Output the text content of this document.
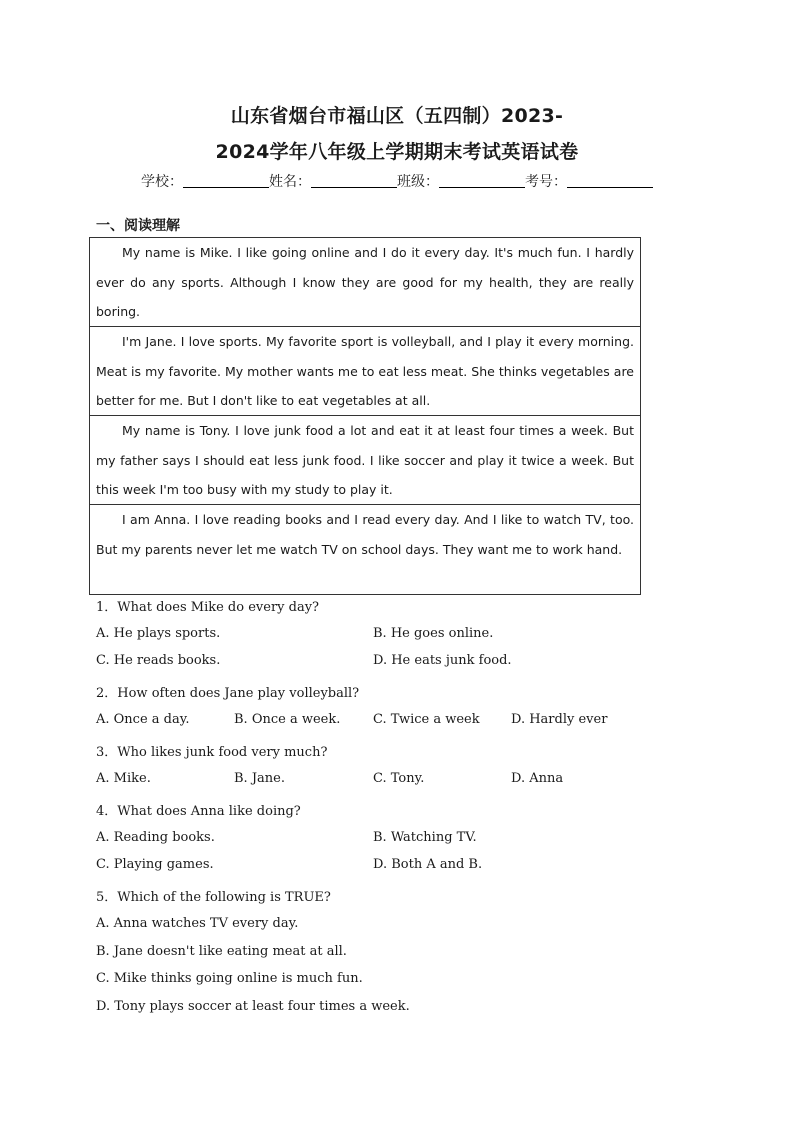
山东省烟台市福山区（五四制）2023-
2024学年八年级上学期期末考试英语试卷
学校：	姓名：	班级：	考号：
一、阅读理解
My name is Mike. I like going online and I do it every day. It's much fun. I hardly ever do any sports. Although I know they are good for my health, they are really boring.
I'm Jane. I love sports. My favorite sport is volleyball, and I play it every morning. Meat is my favorite. My mother wants me to eat less meat. She thinks vegetables are better for me. But I don't like to eat vegetables at all.
My name is Tony. I love junk food a lot and eat it at least four times a week. But my father says I should eat less junk food. I like soccer and play it twice a week. But this week I'm too busy with my study to play it.
I am Anna. I love reading books and I read every day. And I like to watch TV, too. But my parents never let me watch TV on school days. They want me to work hand.
1．What does Mike do every day?
A. He plays sports.	B. He goes online.
C. He reads books.	D. He eats junk food.
2．How often does Jane play volleyball?
A. Once a day.	B. Once a week.	C. Twice a week D. Hardly ever
3．Who likes junk food very much?
A. Mike.	B. Jane.	C. Tony.	D. Anna
4．What does Anna like doing?
A. Reading books.	B. Watching TV.
C. Playing games.	D. Both A and B.
5．Which of the following is TRUE?
A. Anna watches TV every day.
B. Jane doesn't like eating meat at all.
C. Mike thinks going online is much fun.
D. Tony plays soccer at least four times a week.
